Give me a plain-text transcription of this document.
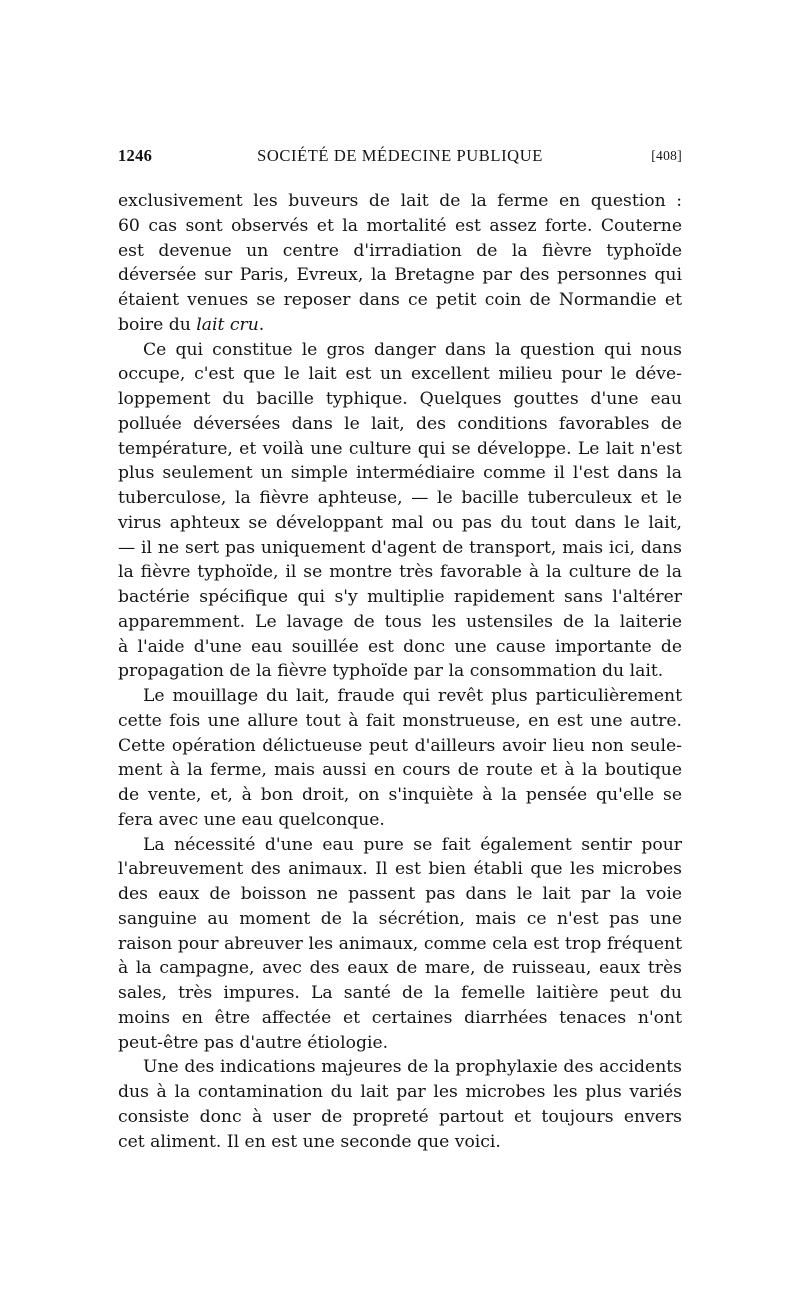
1246	SOCIÉTÉ DE MÉDECINE PUBLIQUE	[408]
exclusivement les buveurs de lait de la ferme en question :
60 cas sont observés et la mortalité est assez forte. Couterne
est devenue un centre d'irradiation de la fièvre typhoïde
déversée sur Paris, Evreux, la Bretagne par des personnes qui
étaient venues se reposer dans ce petit coin de Normandie et
boire du lait cru.
Ce qui constitue le gros danger dans la question qui nous
occupe, c'est que le lait est un excellent milieu pour le déve-
loppement du bacille typhique. Quelques gouttes d'une eau
polluée déversées dans le lait, des conditions favorables de
température, et voilà une culture qui se développe. Le lait n'est
plus seulement un simple intermédiaire comme il l'est dans la
tuberculose, la fièvre aphteuse, — le bacille tuberculeux et le
virus aphteux se développant mal ou pas du tout dans le lait,
— il ne sert pas uniquement d'agent de transport, mais ici, dans
la fièvre typhoïde, il se montre très favorable à la culture de la
bactérie spécifique qui s'y multiplie rapidement sans l'altérer
apparemment. Le lavage de tous les ustensiles de la laiterie
à l'aide d'une eau souillée est donc une cause importante de
propagation de la fièvre typhoïde par la consommation du lait.
Le mouillage du lait, fraude qui revêt plus particulièrement
cette fois une allure tout à fait monstrueuse, en est une autre.
Cette opération délictueuse peut d'ailleurs avoir lieu non seule-
ment à la ferme, mais aussi en cours de route et à la boutique
de vente, et, à bon droit, on s'inquiète à la pensée qu'elle se
fera avec une eau quelconque.
La nécessité d'une eau pure se fait également sentir pour
l'abreuvement des animaux. Il est bien établi que les microbes
des eaux de boisson ne passent pas dans le lait par la voie
sanguine au moment de la sécrétion, mais ce n'est pas une
raison pour abreuver les animaux, comme cela est trop fréquent
à la campagne, avec des eaux de mare, de ruisseau, eaux très
sales, très impures. La santé de la femelle laitière peut du
moins en être affectée et certaines diarrhées tenaces n'ont
peut-être pas d'autre étiologie.
Une des indications majeures de la prophylaxie des accidents
dus à la contamination du lait par les microbes les plus variés
consiste donc à user de propreté partout et toujours envers
cet aliment. Il en est une seconde que voici.
